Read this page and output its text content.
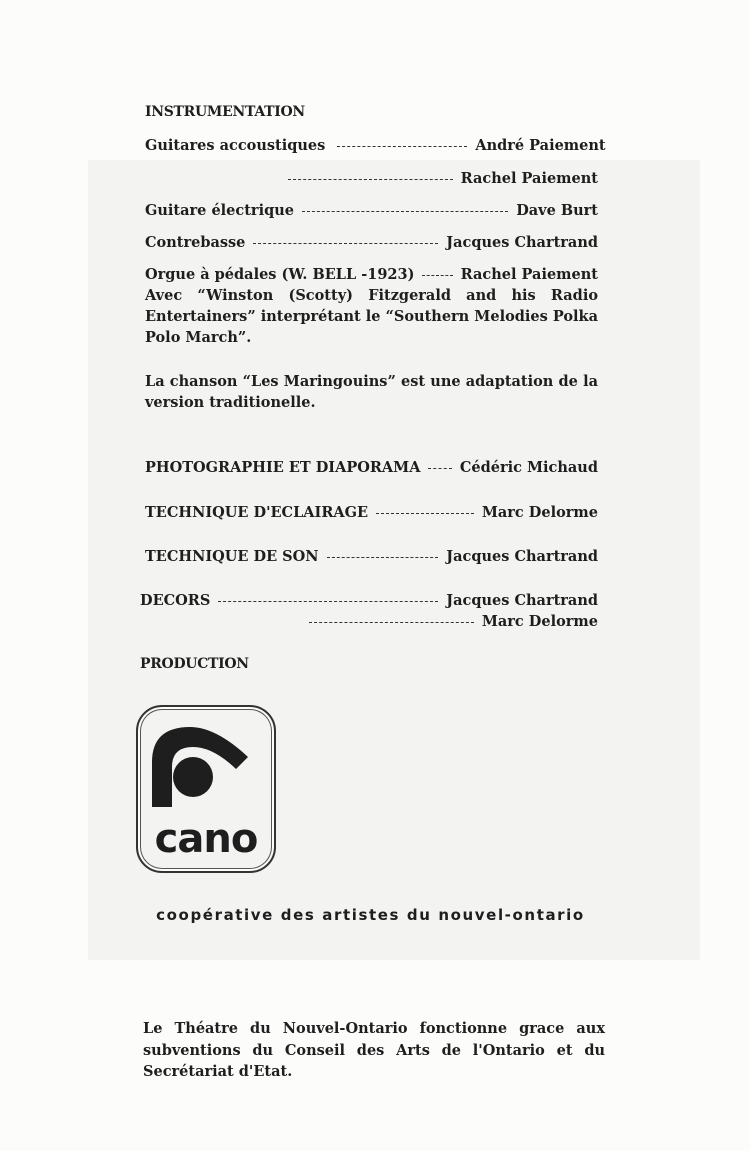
INSTRUMENTATION
Guitares accoustiques	André Paiement
Rachel Paiement
Guitare électrique	Dave Burt
Contrebasse	Jacques Chartrand
Orgue à pédales (W. BELL -1923)	Rachel Paiement
Avec “Winston (Scotty) Fitzgerald and his Radio Entertainers” interprétant le “Southern Melodies Polka Polo March”.
La chanson “Les Maringouins” est une adaptation de la version traditionelle.
PHOTOGRAPHIE ET DIAPORAMA	Cédéric Michaud
TECHNIQUE D'ECLAIRAGE	Marc Delorme
TECHNIQUE DE SON	Jacques Chartrand
DECORS	Jacques Chartrand
Marc Delorme
PRODUCTION
cano
coopérative des artistes du nouvel-ontario
Le Théatre du Nouvel-Ontario fonctionne grace aux subventions du Conseil des Arts de l'Ontario et du Secrétariat d'Etat.
